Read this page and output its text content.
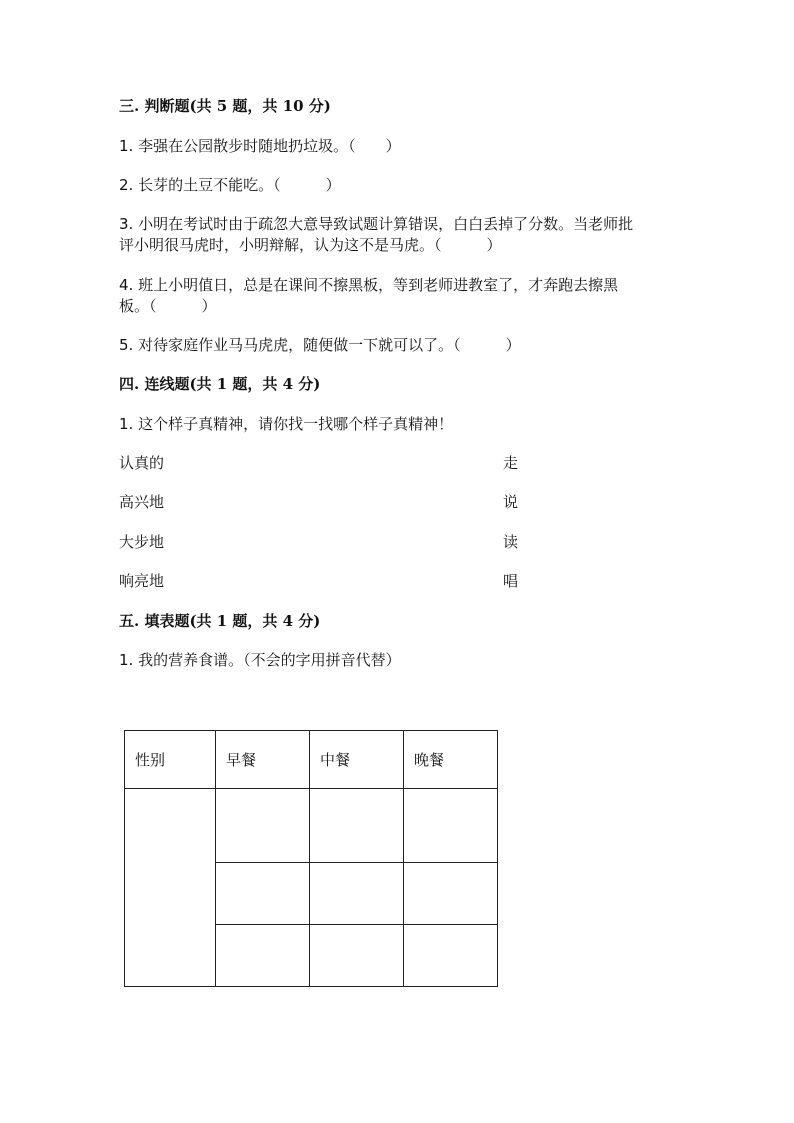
三. 判断题(共 5 题，共 10 分)
1. 李强在公园散步时随地扔垃圾。（　　）
2. 长芽的土豆不能吃。（　　　）
3. 小明在考试时由于疏忽大意导致试题计算错误，白白丢掉了分数。当老师批
评小明很马虎时，小明辩解，认为这不是马虎。（　　　）
4. 班上小明值日，总是在课间不擦黑板，等到老师进教室了，才奔跑去擦黑
板。（　　　）
5. 对待家庭作业马马虎虎，随便做一下就可以了。（　　　）
四. 连线题(共 1 题，共 4 分)
1. 这个样子真精神，请你找一找哪个样子真精神！
认真的	走
高兴地	说
大步地	读
响亮地	唱
五. 填表题(共 1 题，共 4 分)
1. 我的营养食谱。（不会的字用拼音代替）
性别	早餐	中餐	晚餐
